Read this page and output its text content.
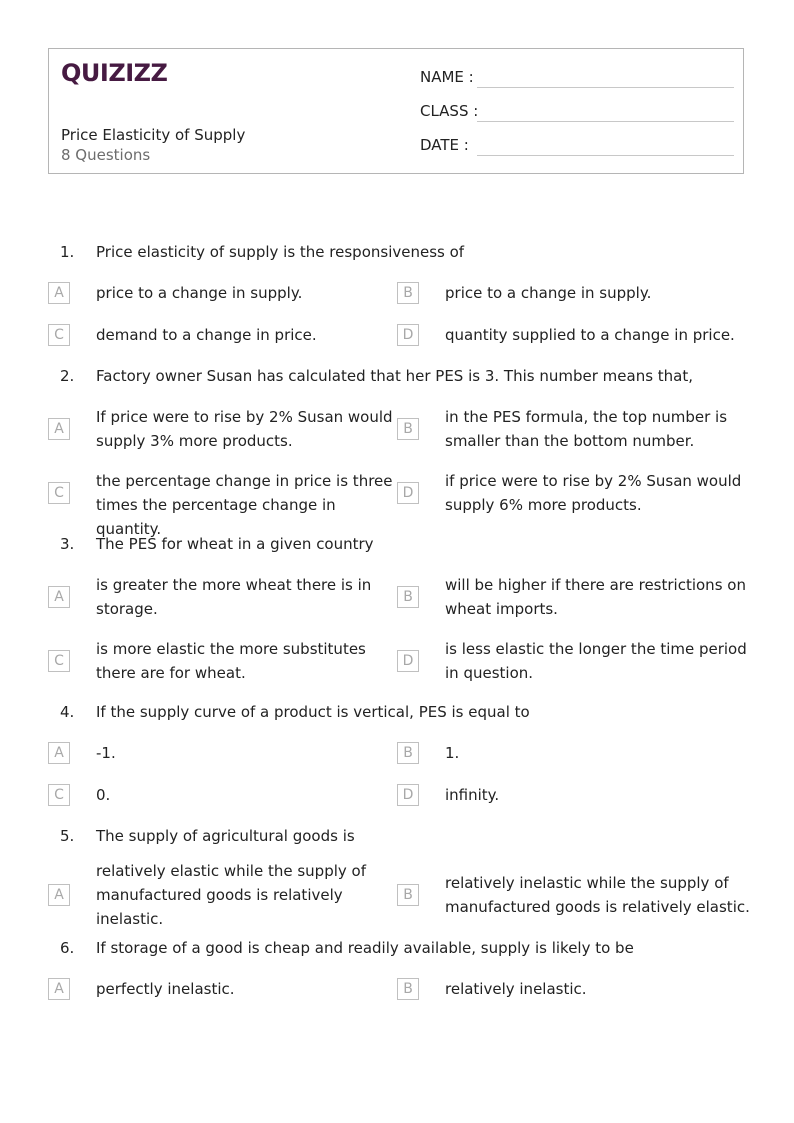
QUIZIZZ
Price Elasticity of Supply
8 Questions
NAME :
CLASS :
DATE :
1. Price elasticity of supply is the responsiveness of
A	price to a change in supply.	B	price to a change in supply.
C	demand to a change in price.	D	quantity supplied to a change in price.
2. Factory owner Susan has calculated that her PES is 3. This number means that,
A
If price were to rise by 2% Susan would supply 3% more products.
B
in the PES formula, the top number is smaller than the bottom number.
C
the percentage change in price is three times the percentage change in quantity.
D
if price were to rise by 2% Susan would supply 6% more products.
3. The PES for wheat in a given country
A
is greater the more wheat there is in storage.
B
will be higher if there are restrictions on wheat imports.
C
is more elastic the more substitutes there are for wheat.
D
is less elastic the longer the time period in question.
4. If the supply curve of a product is vertical, PES is equal to
A	-1.	B	1.
C	0.	D	infinity.
5. The supply of agricultural goods is
A
relatively elastic while the supply of manufactured goods is relatively inelastic.
B
relatively inelastic while the supply of manufactured goods is relatively elastic.
6. If storage of a good is cheap and readily available, supply is likely to be
A	perfectly inelastic.	B	relatively inelastic.
